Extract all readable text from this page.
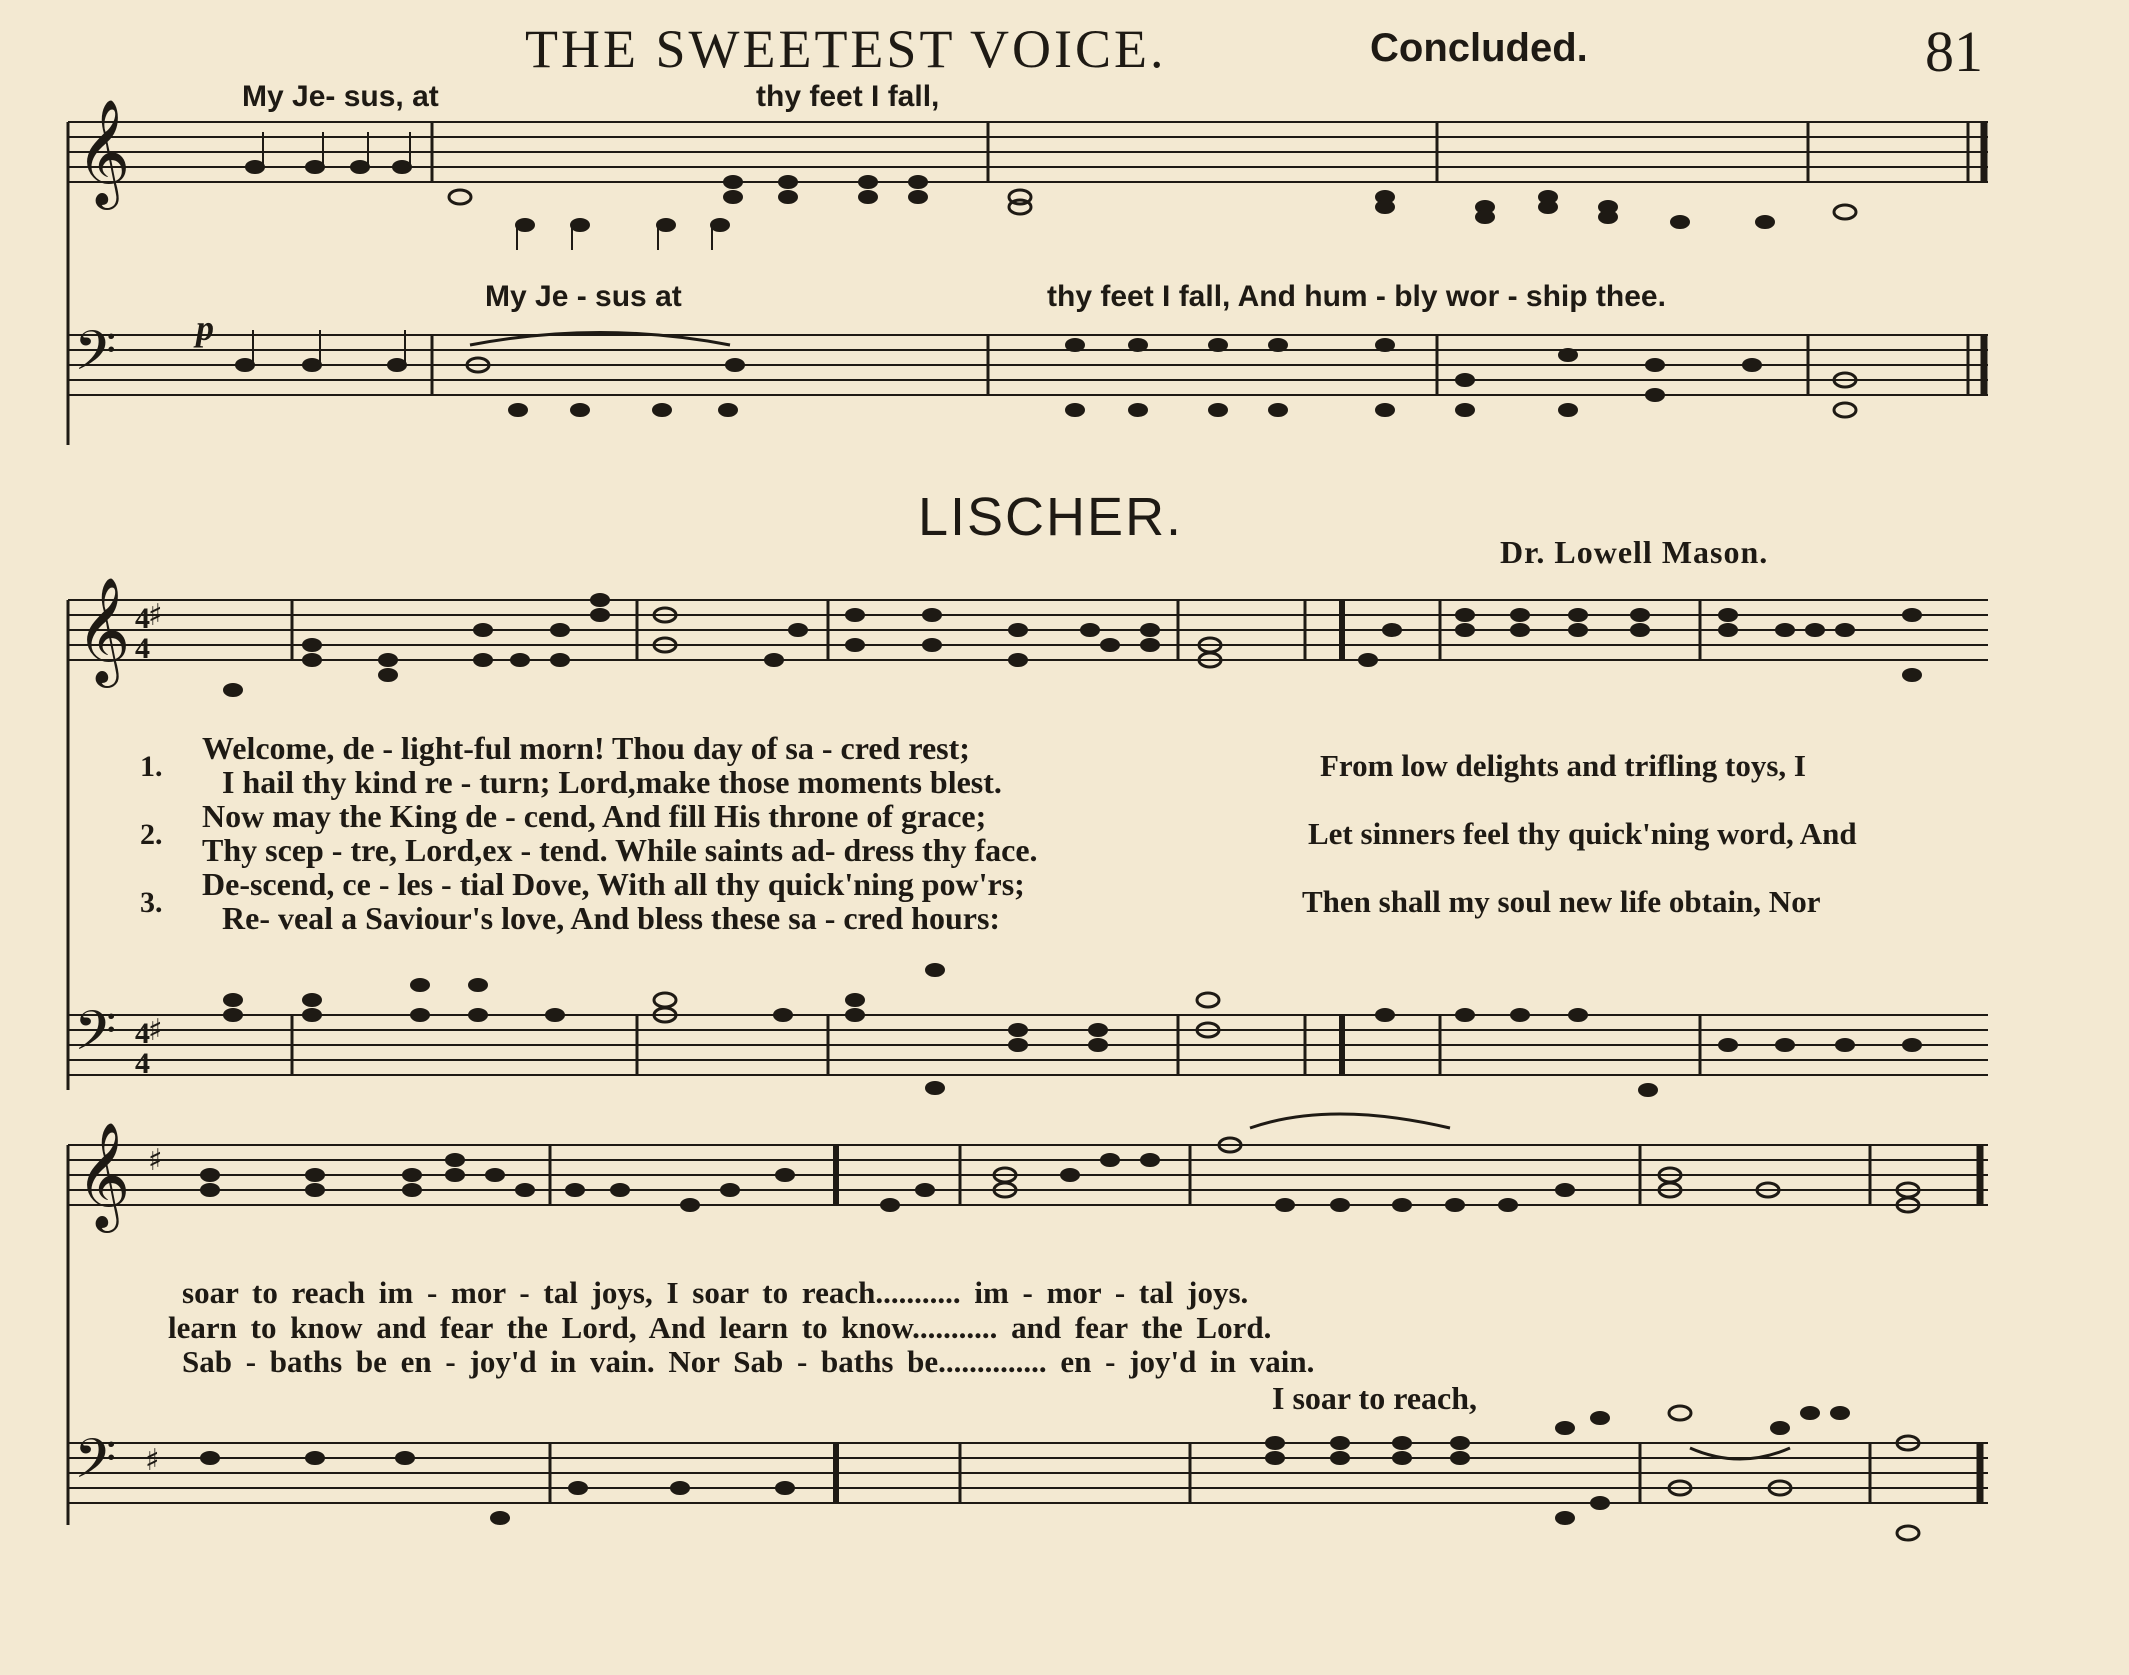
𝄞
𝄢
𝄞
𝄢
𝄞
𝄢
♯
4
4
♯
4
4
♯
♯
p
THE SWEETEST VOICE.	Concluded.	81
My Je- sus, at	thy feet I fall,
My Je - sus at	thy feet I fall, And hum - bly wor - ship thee.
LISCHER.
Dr. Lowell Mason.
1.
Welcome, de - light-ful morn! Thou day of sa - cred rest;
I hail thy kind re - turn; Lord,make those moments blest.
2.
Now may the King de - cend, And fill His throne of grace;
Thy scep - tre, Lord,ex - tend. While saints ad- dress thy face.
3.
De-scend, ce - les - tial Dove, With all thy quick'ning pow'rs;
Re- veal a Saviour's love, And bless these sa - cred hours:
From low delights and trifling toys, I
Let sinners feel thy quick'ning word, And
Then shall my soul new life obtain, Nor
soar to reach im - mor - tal joys, I soar to reach........... im - mor - tal joys.
learn to know and fear the Lord, And learn to know........... and fear the Lord.
Sab - baths be en - joy'd in vain. Nor Sab - baths be.............. en - joy'd in vain.
I soar to reach,
